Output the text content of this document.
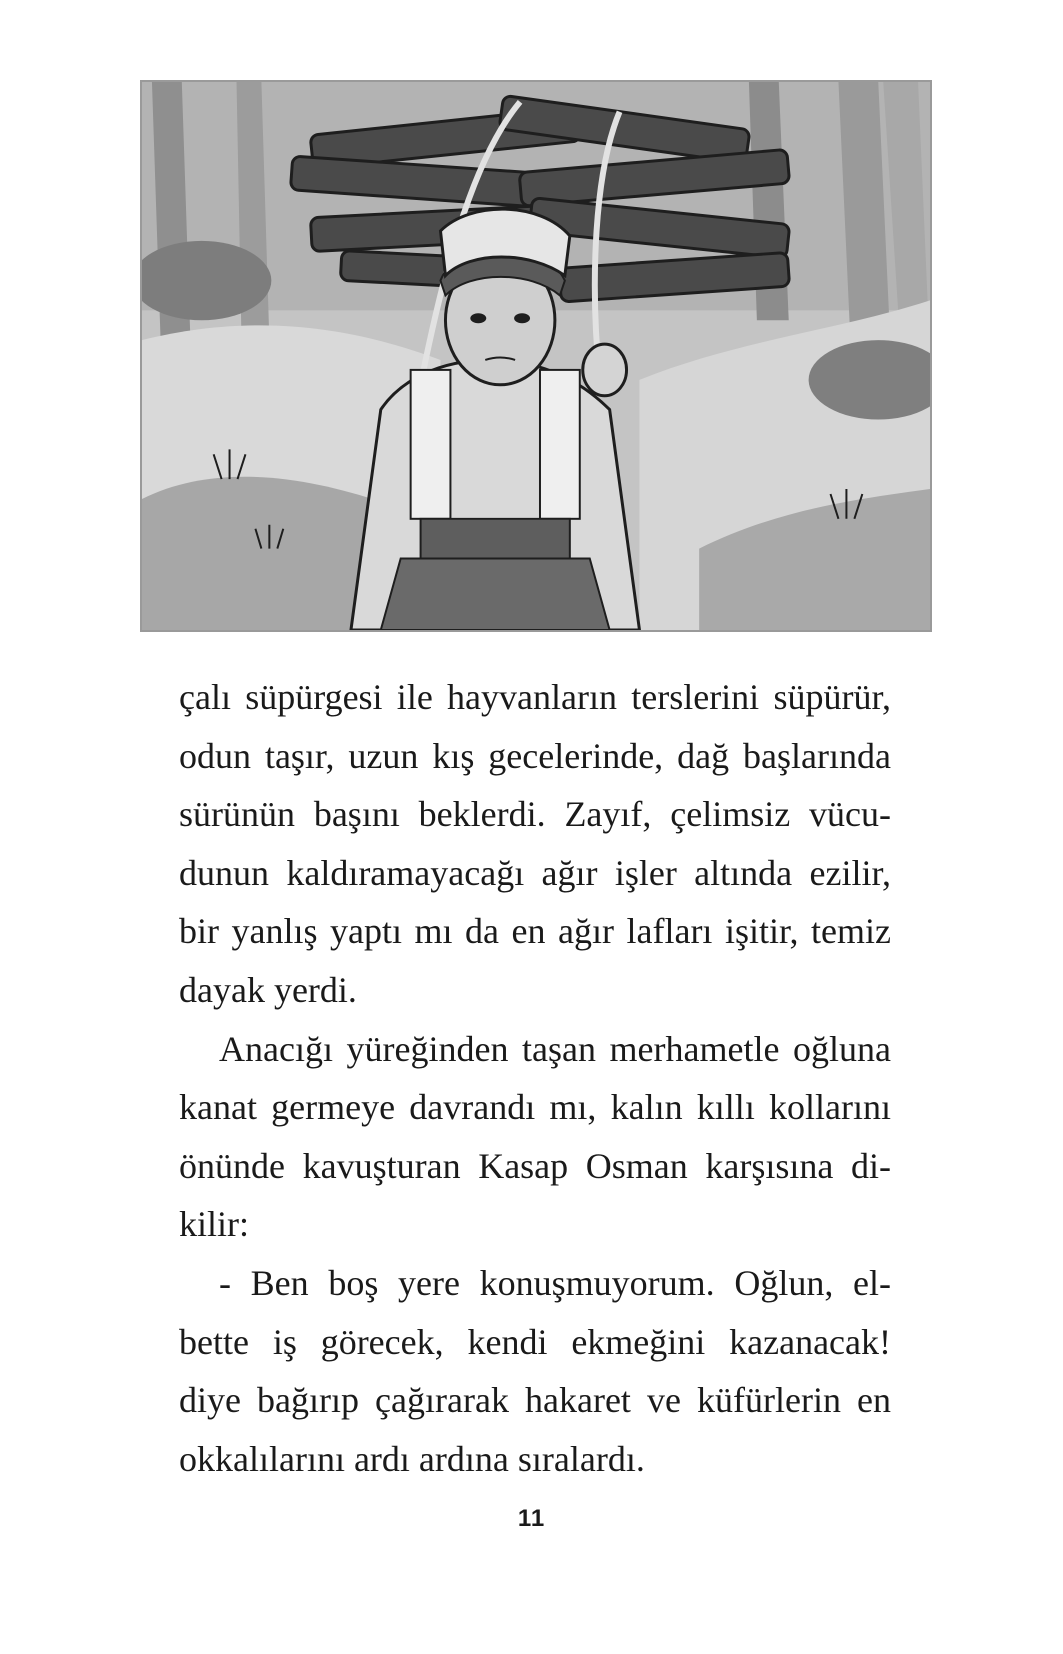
çalı süpürgesi ile hayvanların terslerini süpürür,
odun taşır, uzun kış gecelerinde, dağ başlarında
sürünün başını beklerdi. Zayıf, çelimsiz vücu-
dunun kaldıramayacağı ağır işler altında ezilir,
bir yanlış yaptı mı da en ağır lafları işitir, temiz
dayak yerdi.
Anacığı yüreğinden taşan merhametle oğluna
kanat germeye davrandı mı, kalın kıllı kollarını
önünde kavuşturan Kasap Osman karşısına di-
kilir:
- Ben boş yere konuşmuyorum. Oğlun, el-
bette iş görecek, kendi ekmeğini kazanacak!
diye bağırıp çağırarak hakaret ve küfürlerin en
okkalılarını ardı ardına sıralardı.
11
